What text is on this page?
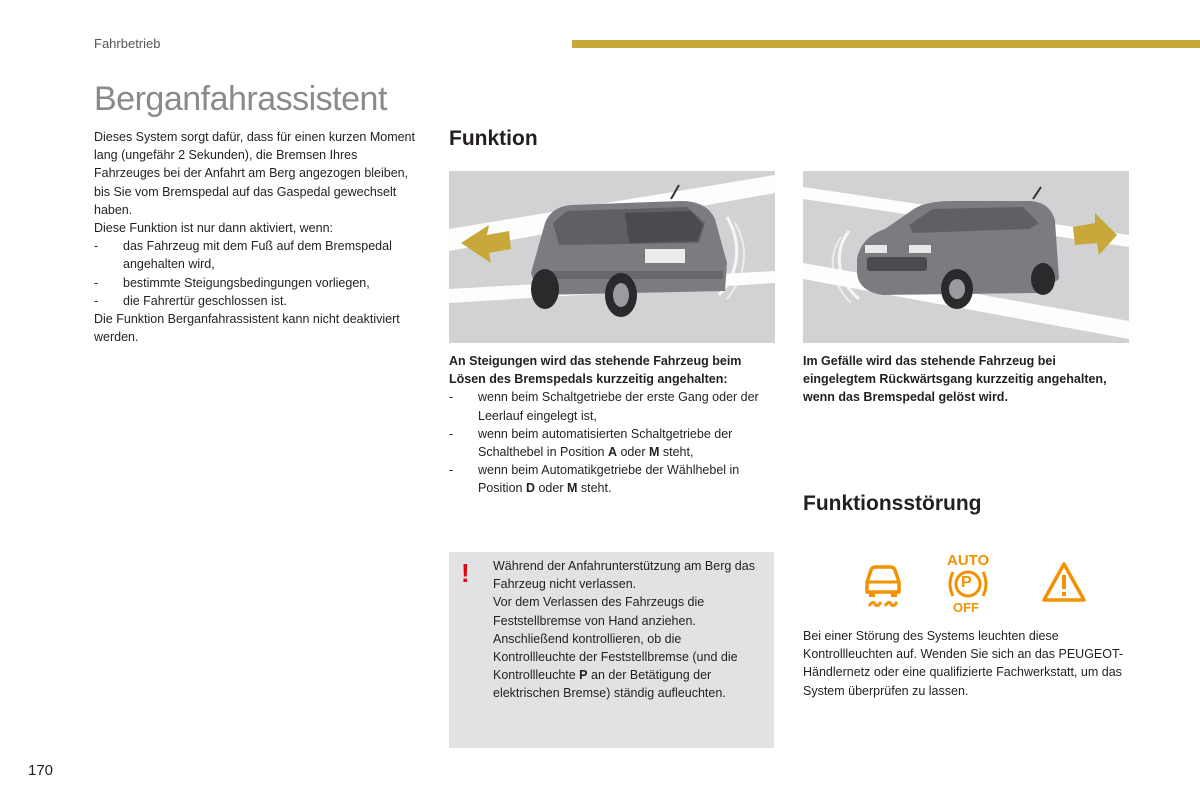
Fahrbetrieb
Berganfahrassistent
Dieses System sorgt dafür, dass für einen kurzen Moment lang (ungefähr 2 Sekunden), die Bremsen Ihres Fahrzeuges bei der Anfahrt am Berg angezogen bleiben, bis Sie vom Bremspedal auf das Gaspedal gewechselt haben.
Diese Funktion ist nur dann aktiviert, wenn:
- das Fahrzeug mit dem Fuß auf dem Bremspedal angehalten wird,
- bestimmte Steigungsbedingungen vorliegen,
- die Fahrertür geschlossen ist.
Die Funktion Berganfahrassistent kann nicht deaktiviert werden.
Funktion
An Steigungen wird das stehende Fahrzeug beim Lösen des Bremspedals kurzzeitig angehalten:
- wenn beim Schaltgetriebe der erste Gang oder der Leerlauf eingelegt ist,
- wenn beim automatisierten Schaltgetriebe der Schalthebel in Position A oder M steht,
- wenn beim Automatikgetriebe der Wählhebel in Position D oder M steht.
Im Gefälle wird das stehende Fahrzeug bei eingelegtem Rückwärtsgang kurzzeitig angehalten, wenn das Bremspedal gelöst wird.
! Während der Anfahrunterstützung am Berg das Fahrzeug nicht verlassen.
Vor dem Verlassen des Fahrzeugs die Feststellbremse von Hand anziehen.
Anschließend kontrollieren, ob die Kontrollleuchte der Feststellbremse (und die Kontrollleuchte P an der Betätigung der elektrischen Bremse) ständig aufleuchten.
Funktionsstörung
AUTO
P
OFF
Bei einer Störung des Systems leuchten diese Kontrollleuchten auf. Wenden Sie sich an das PEUGEOT-Händlernetz oder eine qualifizierte Fachwerkstatt, um das System überprüfen zu lassen.
170
